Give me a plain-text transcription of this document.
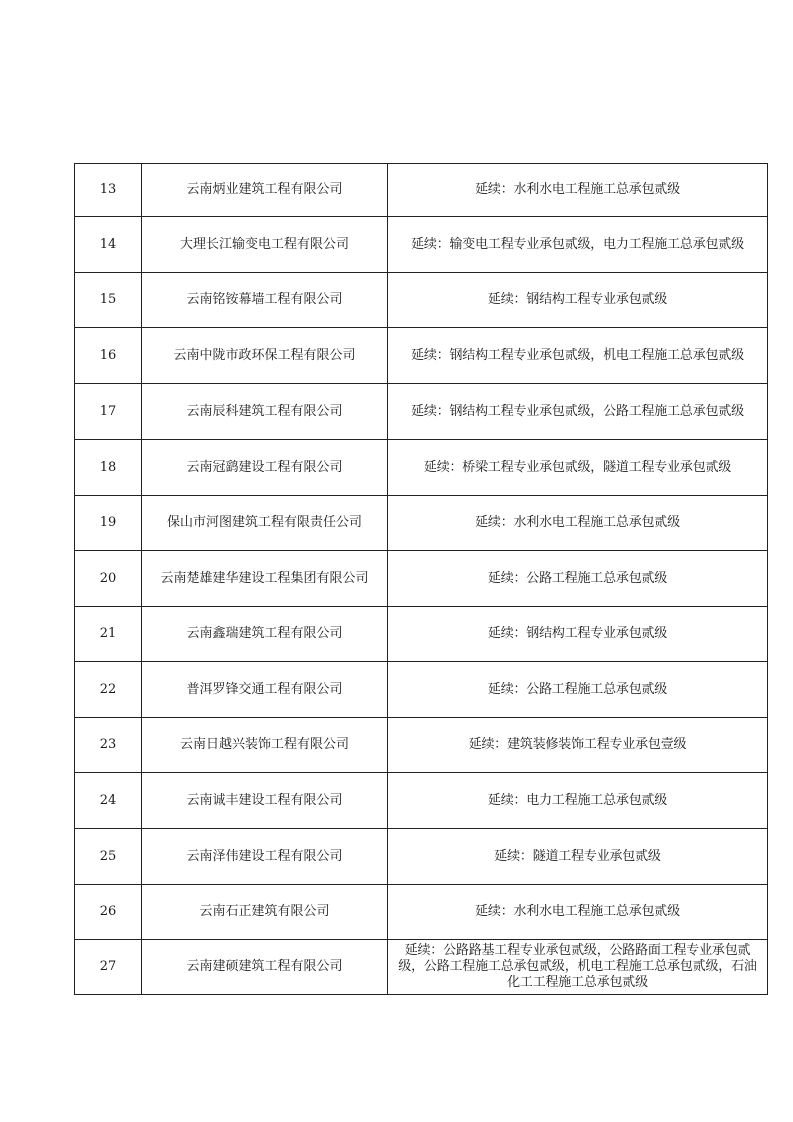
13	云南炳业建筑工程有限公司	延续：水利水电工程施工总承包贰级
14	大理长江输变电工程有限公司	延续：输变电工程专业承包贰级，电力工程施工总承包贰级
15	云南铭铵幕墙工程有限公司	延续：钢结构工程专业承包贰级
16	云南中陇市政环保工程有限公司	延续：钢结构工程专业承包贰级，机电工程施工总承包贰级
17	云南辰科建筑工程有限公司	延续：钢结构工程专业承包贰级，公路工程施工总承包贰级
18	云南冠鹞建设工程有限公司	延续：桥梁工程专业承包贰级，隧道工程专业承包贰级
19	保山市河图建筑工程有限责任公司	延续：水利水电工程施工总承包贰级
20	云南楚雄建华建设工程集团有限公司	延续：公路工程施工总承包贰级
21	云南鑫瑞建筑工程有限公司	延续：钢结构工程专业承包贰级
22	普洱罗锋交通工程有限公司	延续：公路工程施工总承包贰级
23	云南日越兴装饰工程有限公司	延续：建筑装修装饰工程专业承包壹级
24	云南诚丰建设工程有限公司	延续：电力工程施工总承包贰级
25	云南泽伟建设工程有限公司	延续：隧道工程专业承包贰级
26	云南石正建筑有限公司	延续：水利水电工程施工总承包贰级
27	云南建硕建筑工程有限公司	延续：公路路基工程专业承包贰级，公路路面工程专业承包贰级，公路工程施工总承包贰级，机电工程施工总承包贰级，石油化工工程施工总承包贰级
